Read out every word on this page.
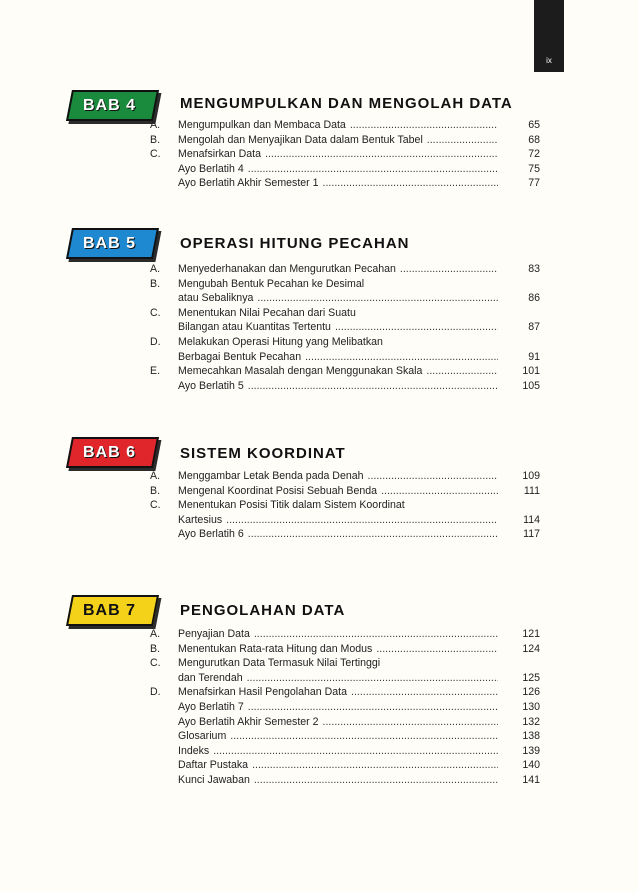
ix
BAB 4	MENGUMPULKAN DAN MENGOLAH DATA
A. Mengumpulkan dan Membaca Data .....	65
B. Mengolah dan Menyajikan Data dalam Bentuk Tabel .....	68
C. Menafsirkan Data .....	72
Ayo Berlatih 4 .....	75
Ayo Berlatih Akhir Semester 1 .....	77
BAB 5	OPERASI HITUNG PECAHAN
A. Menyederhanakan dan Mengurutkan Pecahan .....	83
B. Mengubah Bentuk Pecahan ke Desimal
atau Sebaliknya .....	86
C. Menentukan Nilai Pecahan dari Suatu
Bilangan atau Kuantitas Tertentu .....	87
D. Melakukan Operasi Hitung yang Melibatkan
Berbagai Bentuk Pecahan .....	91
E. Memecahkan Masalah dengan Menggunakan Skala .....	101
Ayo Berlatih 5 .....	105
BAB 6	SISTEM KOORDINAT
A. Menggambar Letak Benda pada Denah .....	109
B. Mengenal Koordinat Posisi Sebuah Benda .....	111
C. Menentukan Posisi Titik dalam Sistem Koordinat
Kartesius .....	114
Ayo Berlatih 6 .....	117
BAB 7	PENGOLAHAN DATA
A. Penyajian Data .....	121
B. Menentukan Rata-rata Hitung dan Modus .....	124
C. Mengurutkan Data Termasuk Nilai Tertinggi
dan Terendah .....	125
D. Menafsirkan Hasil Pengolahan Data .....	126
Ayo Berlatih 7 .....	130
Ayo Berlatih Akhir Semester 2 .....	132
Glosarium .....	138
Indeks .....	139
Daftar Pustaka .....	140
Kunci Jawaban .....	141
